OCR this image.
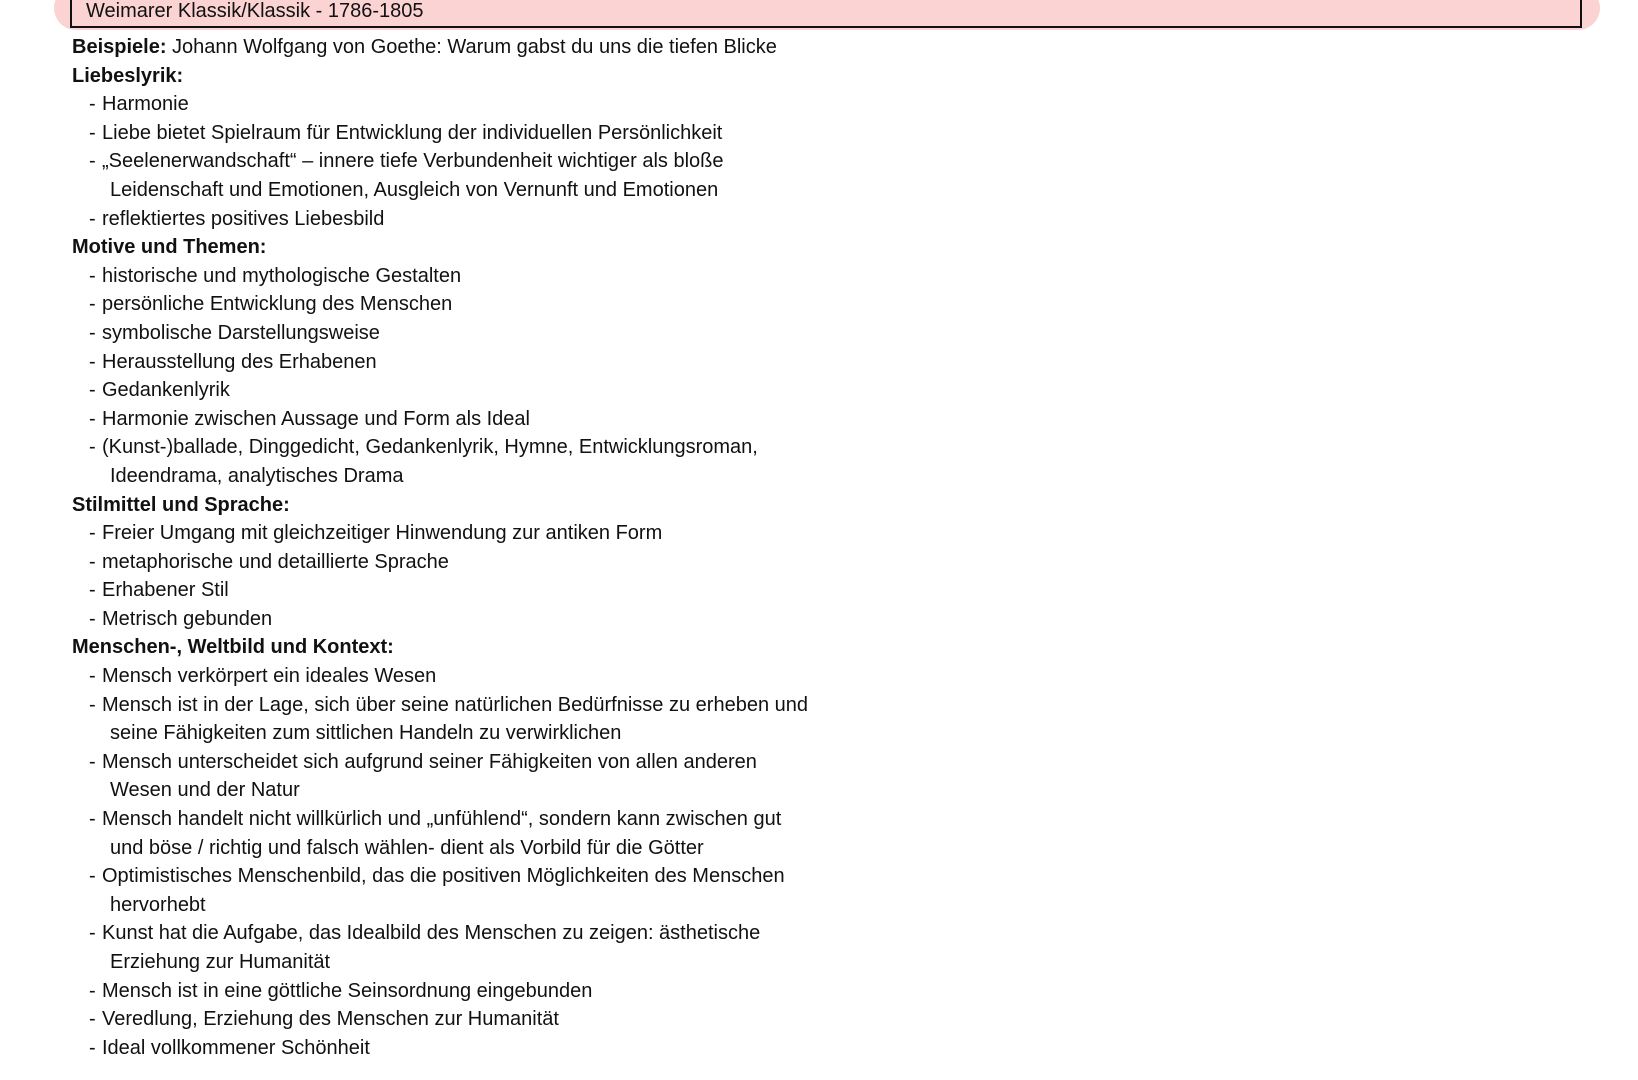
Weimarer Klassik/Klassik - 1786-1805
Beispiele: Johann Wolfgang von Goethe: Warum gabst du uns die tiefen Blicke
Liebeslyrik:
- Harmonie
- Liebe bietet Spielraum für Entwicklung der individuellen Persönlichkeit
- „Seelenerwandschaft“ – innere tiefe Verbundenheit wichtiger als bloße
Leidenschaft und Emotionen, Ausgleich von Vernunft und Emotionen
- reflektiertes positives Liebesbild
Motive und Themen:
- historische und mythologische Gestalten
- persönliche Entwicklung des Menschen
- symbolische Darstellungsweise
- Herausstellung des Erhabenen
- Gedankenlyrik
- Harmonie zwischen Aussage und Form als Ideal
- (Kunst-)ballade, Dinggedicht, Gedankenlyrik, Hymne, Entwicklungsroman,
Ideendrama, analytisches Drama
Stilmittel und Sprache:
- Freier Umgang mit gleichzeitiger Hinwendung zur antiken Form
- metaphorische und detaillierte Sprache
- Erhabener Stil
- Metrisch gebunden
Menschen-, Weltbild und Kontext:
- Mensch verkörpert ein ideales Wesen
- Mensch ist in der Lage, sich über seine natürlichen Bedürfnisse zu erheben und
seine Fähigkeiten zum sittlichen Handeln zu verwirklichen
- Mensch unterscheidet sich aufgrund seiner Fähigkeiten von allen anderen
Wesen und der Natur
- Mensch handelt nicht willkürlich und „unfühlend“, sondern kann zwischen gut
und böse / richtig und falsch wählen- dient als Vorbild für die Götter
- Optimistisches Menschenbild, das die positiven Möglichkeiten des Menschen
hervorhebt
- Kunst hat die Aufgabe, das Idealbild des Menschen zu zeigen: ästhetische
Erziehung zur Humanität
- Mensch ist in eine göttliche Seinsordnung eingebunden
- Veredlung, Erziehung des Menschen zur Humanität
- Ideal vollkommener Schönheit
